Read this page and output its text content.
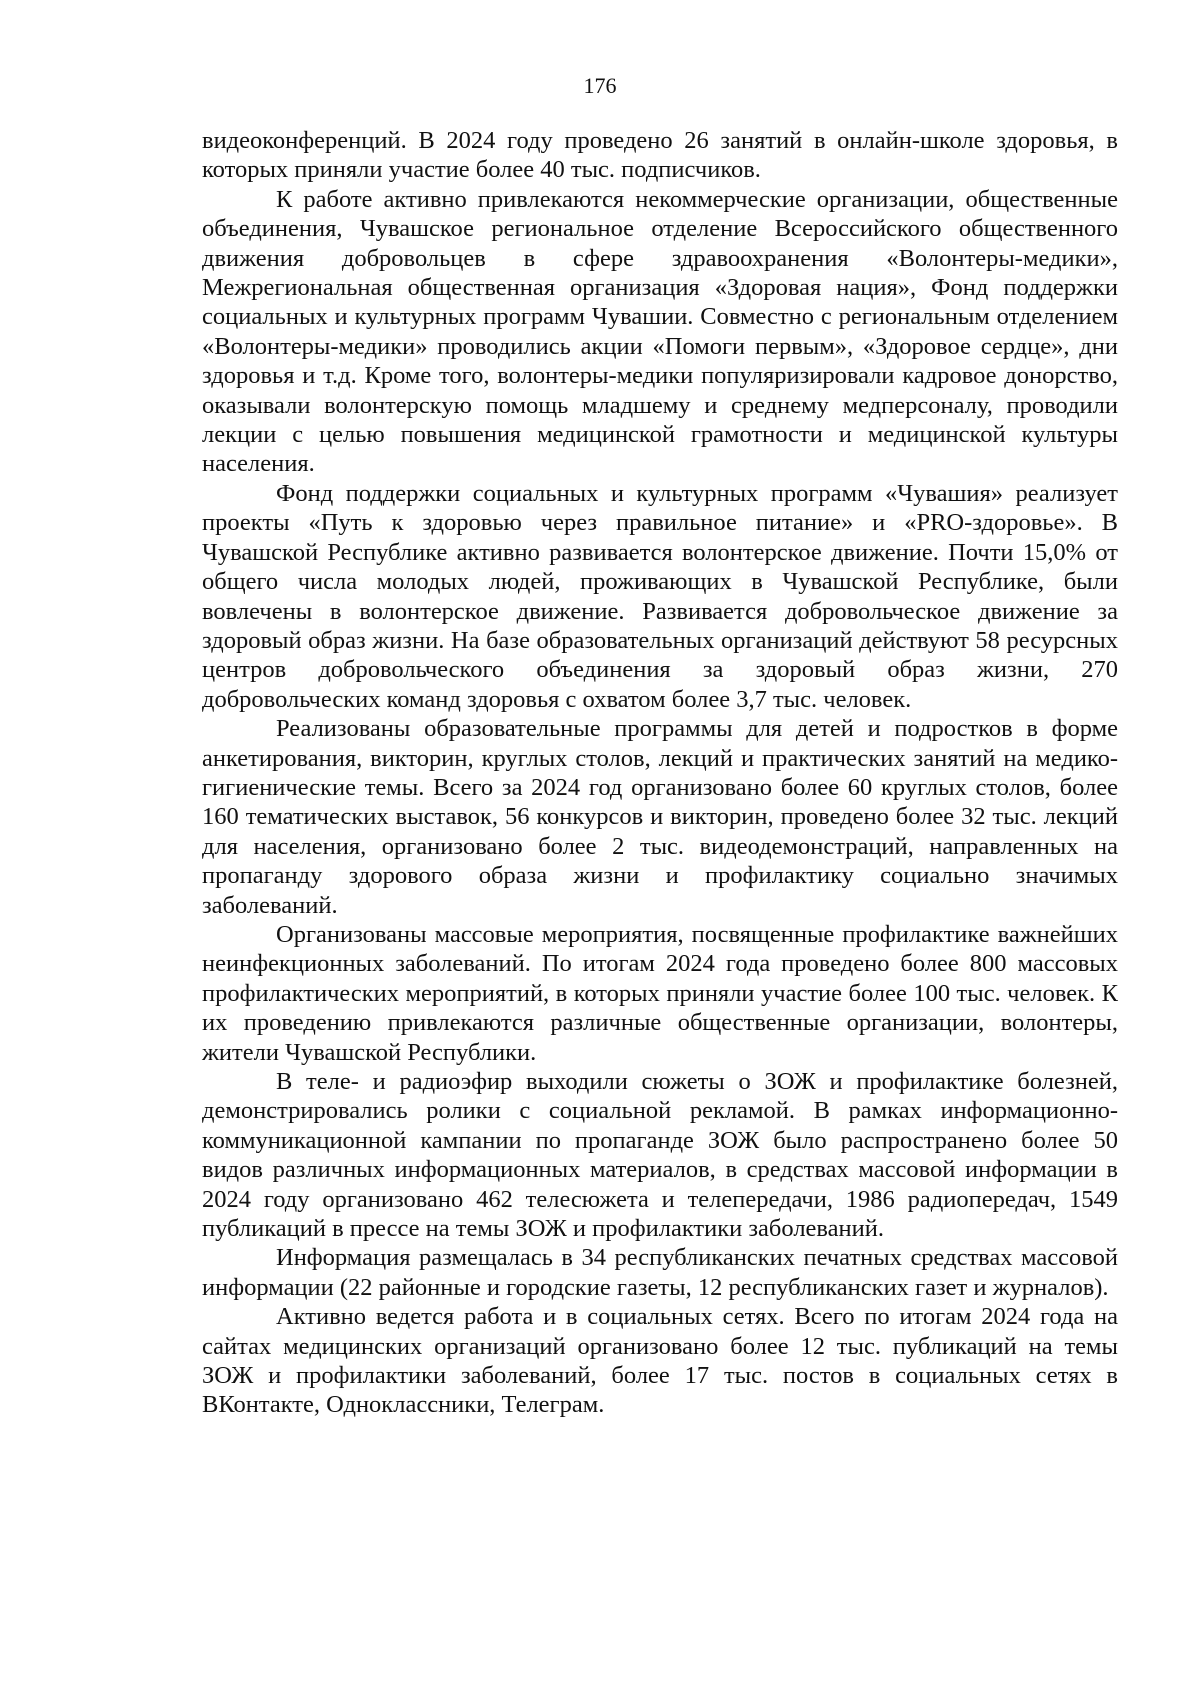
176

видеоконференций. В 2024 году проведено 26 занятий в онлайн-школе здоровья, в которых приняли участие более 40 тыс. подписчиков.

К работе активно привлекаются некоммерческие организации, общественные объединения, Чувашское региональное отделение Всероссийского общественного движения добровольцев в сфере здравоохранения «Волонтеры-медики», Межрегиональная общественная организация «Здоровая нация», Фонд поддержки социальных и культурных программ Чувашии. Совместно с региональным отделением «Волонтеры-медики» проводились акции «Помоги первым», «Здоровое сердце», дни здоровья и т.д. Кроме того, волонтеры-медики популяризировали кадровое донорство, оказывали волонтерскую помощь младшему и среднему медперсоналу, проводили лекции с целью повышения медицинской грамотности и медицинской культуры населения.

Фонд поддержки социальных и культурных программ «Чувашия» реализует проекты «Путь к здоровью через правильное питание» и «PRO-здоровье». В Чувашской Республике активно развивается волонтерское движение. Почти 15,0% от общего числа молодых людей, проживающих в Чувашской Республике, были вовлечены в волонтерское движение. Развивается добровольческое движение за здоровый образ жизни. На базе образовательных организаций действуют 58 ресурсных центров добровольческого объединения за здоровый образ жизни, 270 добровольческих команд здоровья с охватом более 3,7 тыс. человек.

Реализованы образовательные программы для детей и подростков в форме анкетирования, викторин, круглых столов, лекций и практических занятий на медико-гигиенические темы. Всего за 2024 год организовано более 60 круглых столов, более 160 тематических выставок, 56 конкурсов и викторин, проведено более 32 тыс. лекций для населения, организовано более 2 тыс. видеодемонстраций, направленных на пропаганду здорового образа жизни и профилактику социально значимых заболеваний.

Организованы массовые мероприятия, посвященные профилактике важнейших неинфекционных заболеваний. По итогам 2024 года проведено более 800 массовых профилактических мероприятий, в которых приняли участие более 100 тыс. человек. К их проведению привлекаются различные общественные организации, волонтеры, жители Чувашской Республики.

В теле- и радиоэфир выходили сюжеты о ЗОЖ и профилактике болезней, демонстрировались ролики с социальной рекламой. В рамках информационно-коммуникационной кампании по пропаганде ЗОЖ было распространено более 50 видов различных информационных материалов, в средствах массовой информации в 2024 году организовано 462 телесюжета и телепередачи, 1986 радиопередач, 1549 публикаций в прессе на темы ЗОЖ и профилактики заболеваний.

Информация размещалась в 34 республиканских печатных средствах массовой информации (22 районные и городские газеты, 12 республиканских газет и журналов).

Активно ведется работа и в социальных сетях. Всего по итогам 2024 года на сайтах медицинских организаций организовано более 12 тыс. публикаций на темы ЗОЖ и профилактики заболеваний, более 17 тыс. постов в социальных сетях в ВКонтакте, Одноклассники, Телеграм.
